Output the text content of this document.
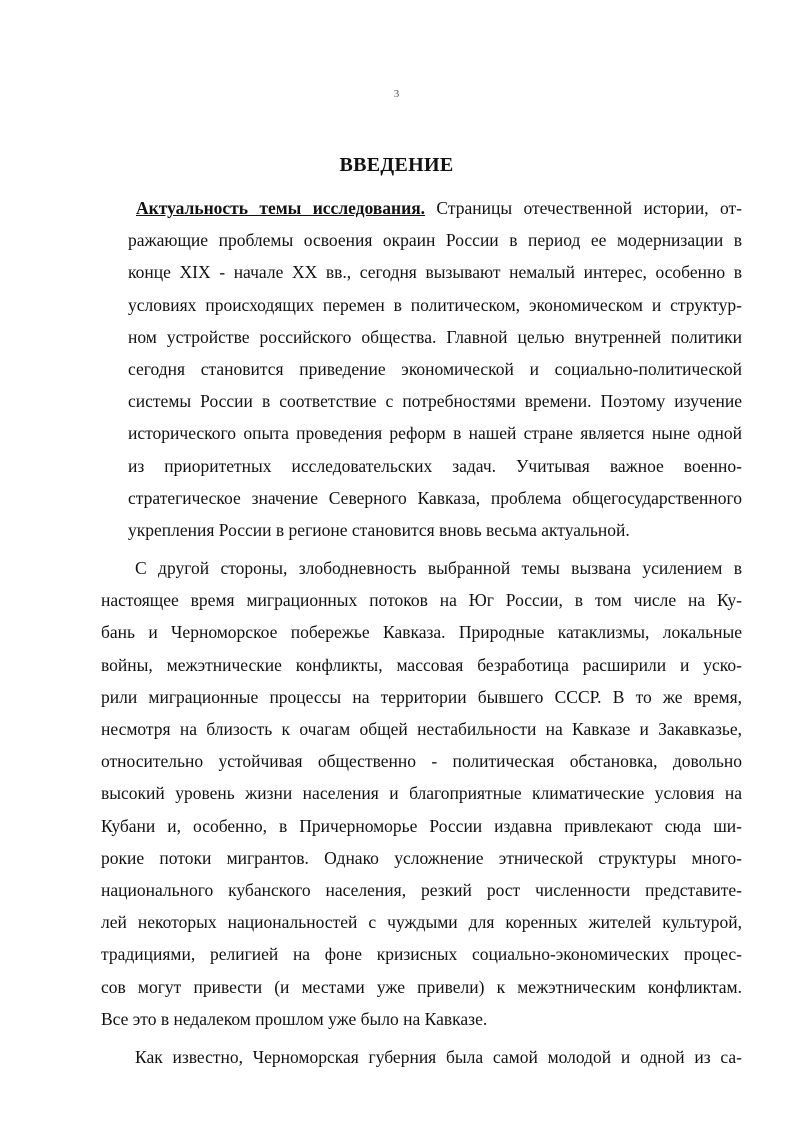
3
ВВЕДЕНИЕ
Актуальность темы исследования. Страницы отечественной истории, от-
ражающие проблемы освоения окраин России в период ее модернизации в
конце XIX - начале XX вв., сегодня вызывают немалый интерес, особенно в
условиях происходящих перемен в политическом, экономическом и структур-
ном устройстве российского общества. Главной целью внутренней политики
сегодня становится приведение экономической и социально-политической
системы России в соответствие с потребностями времени. Поэтому изучение
исторического опыта проведения реформ в нашей стране является ныне одной
из приоритетных исследовательских задач. Учитывая важное военно-
стратегическое значение Северного Кавказа, проблема общегосударственного
укрепления России в регионе становится вновь весьма актуальной.
С другой стороны, злободневность выбранной темы вызвана усилением в
настоящее время миграционных потоков на Юг России, в том числе на Ку-
бань и Черноморское побережье Кавказа. Природные катаклизмы, локальные
войны, межэтнические конфликты, массовая безработица расширили и уско-
рили миграционные процессы на территории бывшего СССР. В то же время,
несмотря на близость к очагам общей нестабильности на Кавказе и Закавказье,
относительно устойчивая общественно - политическая обстановка, довольно
высокий уровень жизни населения и благоприятные климатические условия на
Кубани и, особенно, в Причерноморье России издавна привлекают сюда ши-
рокие потоки мигрантов. Однако усложнение этнической структуры много-
национального кубанского населения, резкий рост численности представите-
лей некоторых национальностей с чуждыми для коренных жителей культурой,
традициями, религией на фоне кризисных социально-экономических процес-
сов могут привести (и местами уже привели) к межэтническим конфликтам.
Все это в недалеком прошлом уже было на Кавказе.
Как известно, Черноморская губерния была самой молодой и одной из са-
